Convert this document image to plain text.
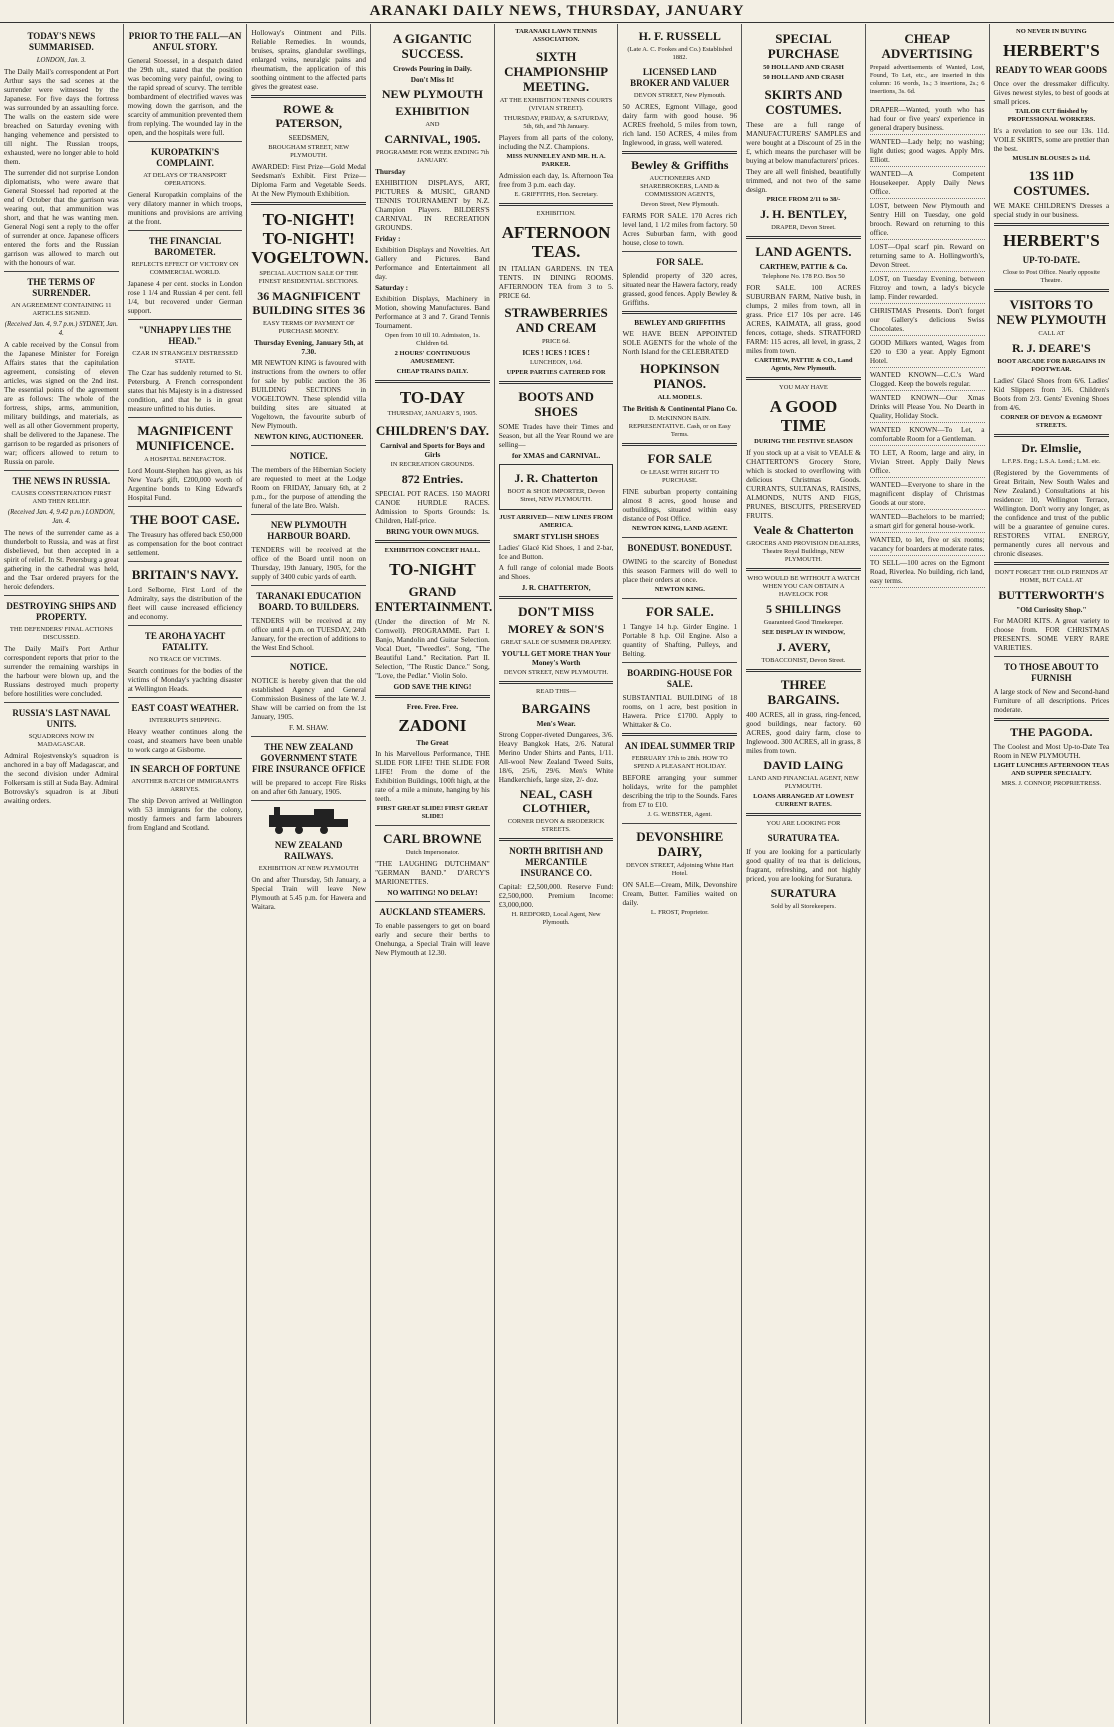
ARANAKI DAILY NEWS, THURSDAY, JANUARY
TODAY'S NEWS SUMMARISED.
LONDON, Jan. 3.
The Daily Mail's correspondent at Port Arthur says the sad scenes at the surrender were witnessed by the Japanese. For five days the fortress was surrounded by an assaulting force. The walls on the eastern side were breached on Saturday evening with hanging vehemence and persisted to till night. The Russian troops, exhausted, were no longer able to hold them.
The surrender did not surprise London diplomatists, who were aware that General Stoessel had reported at the end of October that the garrison was wearing out, that ammunition was short, and that he was wanting men. General Nogi sent a reply to the offer of surrender at once. Japanese officers entered the forts and the Russian garrison was allowed to march out with the honours of war.
THE TERMS OF SURRENDER.
AN AGREEMENT CONTAINING 11 ARTICLES SIGNED.
(Received Jan. 4, 9.7 p.m.) SYDNEY, Jan. 4.
A cable received by the Consul from the Japanese Minister for Foreign Affairs states that the capitulation agreement, consisting of eleven articles, was signed on the 2nd inst. The essential points of the agreement are as follows: The whole of the fortress, ships, arms, ammunition, military buildings, and materials, as well as all other Government property, shall be delivered to the Japanese. The garrison to be regarded as prisoners of war; officers allowed to return to Russia on parole.
THE NEWS IN RUSSIA.
CAUSES CONSTERNATION FIRST AND THEN RELIEF.
(Received Jan. 4, 9.42 p.m.) LONDON, Jan. 4.
The news of the surrender came as a thunderbolt to Russia, and was at first disbelieved, but then accepted in a spirit of relief. In St. Petersburg a great gathering in the cathedral was held, and the Tsar ordered prayers for the heroic defenders.
DESTROYING SHIPS AND PROPERTY.
THE DEFENDERS' FINAL ACTIONS DISCUSSED.
The Daily Mail's Port Arthur correspondent reports that prior to the surrender the remaining warships in the harbour were blown up, and the Russians destroyed much property before hostilities were concluded.
RUSSIA'S LAST NAVAL UNITS.
SQUADRONS NOW IN MADAGASCAR.
Admiral Rojestvensky's squadron is anchored in a bay off Madagascar, and the second division under Admiral Folkersam is still at Suda Bay. Admiral Botrovsky's squadron is at Jibuti awaiting orders.
PRIOR TO THE FALL—AN ANFUL STORY.
General Stoessel, in a despatch dated the 29th ult., stated that the position was becoming very painful, owing to the rapid spread of scurvy. The terrible bombardment of electrified waves was mowing down the garrison, and the scarcity of ammunition prevented them from replying. The wounded lay in the open, and the hospitals were full.
KUROPATKIN'S COMPLAINT.
AT DELAYS OF TRANSPORT OPERATIONS.
General Kuropatkin complains of the very dilatory manner in which troops, munitions and provisions are arriving at the front.
THE FINANCIAL BAROMETER.
REFLECTS EFFECT OF VICTORY ON COMMERCIAL WORLD.
Japanese 4 per cent. stocks in London rose 1 1/4 and Russian 4 per cent. fell 1/4, but recovered under German support.
"UNHAPPY LIES THE HEAD."
CZAR IN STRANGELY DISTRESSED STATE.
The Czar has suddenly returned to St. Petersburg. A French correspondent states that his Majesty is in a distressed condition, and that he is in great measure unfitted to his duties.
MAGNIFICENT MUNIFICENCE.
A HOSPITAL BENEFACTOR.
Lord Mount-Stephen has given, as his New Year's gift, £200,000 worth of Argentine bonds to King Edward's Hospital Fund.
THE BOOT CASE.
The Treasury has offered back £50,000 as compensation for the boot contract settlement.
BRITAIN'S NAVY.
Lord Selborne, First Lord of the Admiralty, says the distribution of the fleet will cause increased efficiency and economy.
TE AROHA YACHT FATALITY.
NO TRACE OF VICTIMS.
Search continues for the bodies of the victims of Monday's yachting disaster at Wellington Heads.
EAST COAST WEATHER.
INTERRUPTS SHIPPING.
Heavy weather continues along the coast, and steamers have been unable to work cargo at Gisborne.
IN SEARCH OF FORTUNE
ANOTHER BATCH OF IMMIGRANTS ARRIVES.
The ship Devon arrived at Wellington with 53 immigrants for the colony, mostly farmers and farm labourers from England and Scotland.
Holloway's Ointment and Pills. Reliable Remedies. In wounds, bruises, sprains, glandular swellings, enlarged veins, neuralgic pains and rheumatism, the application of this soothing ointment to the affected parts gives the greatest ease.
ROWE & PATERSON,
SEEDSMEN,
BROUGHAM STREET, NEW PLYMOUTH.
AWARDED: First Prize—Gold Medal Seedsman's Exhibit. First Prize—Diploma Farm and Vegetable Seeds. At the New Plymouth Exhibition.
TO-NIGHT! TO-NIGHT! VOGELTOWN.
SPECIAL AUCTION SALE OF THE FINEST RESIDENTIAL SECTIONS.
36 MAGNIFICENT BUILDING SITES 36
EASY TERMS OF PAYMENT OF PURCHASE MONEY.
Thursday Evening, January 5th, at 7.30.
MR NEWTON KING is favoured with instructions from the owners to offer for sale by public auction the 36 BUILDING SECTIONS in VOGELTOWN. These splendid villa building sites are situated at Vogeltown, the favourite suburb of New Plymouth.
NEWTON KING, AUCTIONEER.
NOTICE.
The members of the Hibernian Society are requested to meet at the Lodge Room on FRIDAY, January 6th, at 2 p.m., for the purpose of attending the funeral of the late Bro. Walsh.
NEW PLYMOUTH HARBOUR BOARD.
TENDERS will be received at the office of the Board until noon on Thursday, 19th January, 1905, for the supply of 3400 cubic yards of earth.
TARANAKI EDUCATION BOARD. TO BUILDERS.
TENDERS will be received at my office until 4 p.m. on TUESDAY, 24th January, for the erection of additions to the West End School.
NOTICE.
NOTICE is hereby given that the old established Agency and General Commission Business of the late W. J. Shaw will be carried on from the 1st January, 1905.
F. M. SHAW.
THE NEW ZEALAND GOVERNMENT STATE FIRE INSURANCE OFFICE
will be prepared to accept Fire Risks on and after 6th January, 1905.
NEW ZEALAND RAILWAYS.
EXHIBITION AT NEW PLYMOUTH
On and after Thursday, 5th January, a Special Train will leave New Plymouth at 5.45 p.m. for Hawera and Waitara.
A GIGANTIC SUCCESS.
Crowds Pouring in Daily.
Don't Miss It!
NEW PLYMOUTH
EXHIBITION
AND
CARNIVAL, 1905.
PROGRAMME FOR WEEK ENDING 7th JANUARY.
Thursday
EXHIBITION DISPLAYS, ART, PICTURES & MUSIC, GRAND TENNIS TOURNAMENT by N.Z. Champion Players. BILDERS'S CARNIVAL IN RECREATION GROUNDS.
Friday :
Exhibition Displays and Novelties. Art Gallery and Pictures. Band Performance and Entertainment all day.
Saturday :
Exhibition Displays, Machinery in Motion, showing Manufactures. Band Performance at 3 and 7. Grand Tennis Tournament.
Open from 10 till 10. Admission, 1s. Children 6d.
2 HOURS' CONTINUOUS AMUSEMENT.
CHEAP TRAINS DAILY.
TO-DAY
THURSDAY, JANUARY 5, 1905.
CHILDREN'S DAY.
Carnival and Sports for Boys and Girls
IN RECREATION GROUNDS.
872 Entries.
SPECIAL POT RACES. 150 MAORI CANOE HURDLE RACES. Admission to Sports Grounds: 1s. Children, Half-price.
BRING YOUR OWN MUGS.
EXHIBITION CONCERT HALL.
TO-NIGHT
GRAND ENTERTAINMENT.
(Under the direction of Mr N. Cornwell). PROGRAMME. Part I. Banjo, Mandolin and Guitar Selection. Vocal Duet, "Tweedles". Song, "The Beautiful Land." Recitation. Part II. Selection, "The Rustic Dance." Song, "Love, the Pedlar." Violin Solo.
GOD SAVE THE KING!
Free. Free. Free.
ZADONI
The Great
In his Marvellous Performance, THE SLIDE FOR LIFE! THE SLIDE FOR LIFE! From the dome of the Exhibition Buildings, 100ft high, at the rate of a mile a minute, hanging by his teeth.
FIRST GREAT SLIDE! FIRST GREAT SLIDE!
CARL BROWNE
Dutch Impersonator.
"THE LAUGHING DUTCHMAN" "GERMAN BAND." D'ARCY'S MARIONETTES.
NO WAITING! NO DELAY!
AUCKLAND STEAMERS.
To enable passengers to get on board early and secure their berths to Onehunga, a Special Train will leave New Plymouth at 12.30.
TARANAKI LAWN TENNIS ASSOCIATION.
SIXTH CHAMPIONSHIP MEETING.
AT THE EXHIBITION TENNIS COURTS (VIVIAN STREET).
THURSDAY, FRIDAY, & SATURDAY, 5th, 6th, and 7th January.
Players from all parts of the colony, including the N.Z. Champions.
MISS NUNNELEY AND MR. H. A. PARKER.
Admission each day, 1s. Afternoon Tea free from 3 p.m. each day.
E. GRIFFITHS, Hon. Secretary.
EXHIBITION.
AFTERNOON TEAS.
IN ITALIAN GARDENS. IN TEA TENTS. IN DINING ROOMS. AFTERNOON TEA from 3 to 5. PRICE 6d.
STRAWBERRIES AND CREAM
PRICE 6d.
ICES ! ICES ! ICES !
LUNCHEON, 1/6d.
UPPER PARTIES CATERED FOR
BOOTS AND SHOES
SOME Trades have their Times and Season, but all the Year Round we are selling—
for XMAS and CARNIVAL.
J. R. Chatterton
BOOT & SHOE IMPORTER, Devon Street, NEW PLYMOUTH.
JUST ARRIVED— NEW LINES FROM AMERICA.
SMART STYLISH SHOES
Ladies' Glacé Kid Shoes, 1 and 2-bar, Ice and Button.
A full range of colonial made Boots and Shoes.
J. R. CHATTERTON,
DON'T MISS
MOREY & SON'S
GREAT SALE OF SUMMER DRAPERY.
YOU'LL GET MORE THAN Your Money's Worth
DEVON STREET, NEW PLYMOUTH.
READ THIS—
BARGAINS
Men's Wear.
Strong Copper-riveted Dungarees, 3/6. Heavy Bangkok Hats, 2/6. Natural Merino Under Shirts and Pants, 1/11. All-wool New Zealand Tweed Suits, 18/6, 25/6, 29/6. Men's White Handkerchiefs, large size, 2/- doz.
NEAL, CASH CLOTHIER,
CORNER DEVON & BRODERICK STREETS.
NORTH BRITISH AND MERCANTILE INSURANCE CO.
Capital: £2,500,000. Reserve Fund: £2,500,000. Premium Income: £3,000,000.
H. REDFORD, Local Agent, New Plymouth.
H. F. RUSSELL
(Late A. C. Fookes and Co.) Established 1882.
LICENSED LAND BROKER AND VALUER
DEVON STREET, New Plymouth.
50 ACRES, Egmont Village, good dairy farm with good house. 96 ACRES freehold, 5 miles from town, rich land. 150 ACRES, 4 miles from Inglewood, in grass, well watered.
Bewley & Griffiths
AUCTIONEERS AND SHAREBROKERS, LAND & COMMISSION AGENTS,
Devon Street, New Plymouth.
FARMS FOR SALE. 170 Acres rich level land, 1 1/2 miles from factory. 50 Acres Suburban farm, with good house, close to town.
FOR SALE.
Splendid property of 320 acres, situated near the Hawera factory, ready grassed, good fences. Apply Bewley & Griffiths.
BEWLEY AND GRIFFITHS
WE HAVE BEEN APPOINTED SOLE AGENTS for the whole of the North Island for the CELEBRATED
HOPKINSON PIANOS.
ALL MODELS.
The British & Continental Piano Co.
D. McKINNON BAIN. REPRESENTATIVE. Cash, or on Easy Terms.
FOR SALE
Or LEASE WITH RIGHT TO PURCHASE.
FINE suburban property containing almost 8 acres, good house and outbuildings, situated within easy distance of Post Office.
NEWTON KING, LAND AGENT.
BONEDUST. BONEDUST.
OWING to the scarcity of Bonedust this season Farmers will do well to place their orders at once.
NEWTON KING.
FOR SALE.
1 Tangye 14 h.p. Girder Engine. 1 Portable 8 h.p. Oil Engine. Also a quantity of Shafting, Pulleys, and Belting.
BOARDING-HOUSE FOR SALE.
SUBSTANTIAL BUILDING of 18 rooms, on 1 acre, best position in Hawera. Price £1700. Apply to Whittaker & Co.
AN IDEAL SUMMER TRIP
FEBRUARY 17th to 28th. HOW TO SPEND A PLEASANT HOLIDAY.
BEFORE arranging your summer holidays, write for the pamphlet describing the trip to the Sounds. Fares from £7 to £10.
J. G. WEBSTER, Agent.
DEVONSHIRE DAIRY,
DEVON STREET, Adjoining White Hart Hotel.
ON SALE—Cream, Milk, Devonshire Cream, Butter. Families waited on daily.
L. FROST, Proprietor.
SPECIAL PURCHASE
50 HOLLAND AND CRASH
50 HOLLAND AND CRASH
SKIRTS AND COSTUMES.
These are a full range of MANUFACTURERS' SAMPLES and were bought at a Discount of 25 in the £, which means the purchaser will be buying at below manufacturers' prices.
They are all well finished, beautifully trimmed, and not two of the same design.
PRICE FROM 2/11 to 38/-
J. H. BENTLEY,
DRAPER, Devon Street.
LAND AGENTS.
CARTHEW, PATTIE & Co.
Telephone No. 178 P.O. Box 50
FOR SALE. 100 ACRES SUBURBAN FARM, Native bush, in clumps, 2 miles from town, all in grass. Price £17 10s per acre. 146 ACRES, KAIMATA, all grass, good fences, cottage, sheds. STRATFORD FARM: 115 acres, all level, in grass, 2 miles from town.
CARTHEW, PATTIE & CO., Land Agents, New Plymouth.
YOU MAY HAVE
A GOOD TIME
DURING THE FESTIVE SEASON
If you stock up at a visit to VEALE & CHATTERTON'S Grocery Store, which is stocked to overflowing with delicious Christmas Goods. CURRANTS, SULTANAS, RAISINS, ALMONDS, NUTS AND FIGS, PRUNES, BISCUITS, PRESERVED FRUITS.
Veale & Chatterton
GROCERS AND PROVISION DEALERS, Theatre Royal Buildings, NEW PLYMOUTH.
WHO WOULD BE WITHOUT A WATCH WHEN YOU CAN OBTAIN A HAVELOCK FOR
5 SHILLINGS
Guaranteed Good Timekeeper.
SEE DISPLAY IN WINDOW,
J. AVERY,
TOBACCONIST, Devon Street.
THREE BARGAINS.
400 ACRES, all in grass, ring-fenced, good buildings, near factory. 60 ACRES, good dairy farm, close to Inglewood. 300 ACRES, all in grass, 8 miles from town.
DAVID LAING
LAND AND FINANCIAL AGENT, NEW PLYMOUTH.
LOANS ARRANGED AT LOWEST CURRENT RATES.
YOU ARE LOOKING FOR
SURATURA TEA.
If you are looking for a particularly good quality of tea that is delicious, fragrant, refreshing, and not highly priced, you are looking for Suratura.
SURATURA
Sold by all Storekeepers.
CHEAP ADVERTISING
Prepaid advertisements of Wanted, Lost, Found, To Let, etc., are inserted in this column: 16 words, 1s.; 3 insertions, 2s.; 6 insertions, 3s. 6d.
DRAPER—Wanted, youth who has had four or five years' experience in general drapery business.
WANTED—Lady help; no washing; light duties; good wages. Apply Mrs. Elliott.
WANTED—A Competent Housekeeper. Apply Daily News Office.
LOST, between New Plymouth and Sentry Hill on Tuesday, one gold brooch. Reward on returning to this office.
LOST—Opal scarf pin. Reward on returning same to A. Hollingworth's, Devon Street.
LOST, on Tuesday Evening, between Fitzroy and town, a lady's bicycle lamp. Finder rewarded.
CHRISTMAS Presents. Don't forget our Gallery's delicious Swiss Chocolates.
GOOD Milkers wanted, Wages from £20 to £30 a year. Apply Egmont Hotel.
WANTED KNOWN—C.C.'s Ward Clogged. Keep the bowels regular.
WANTED KNOWN—Our Xmas Drinks will Please You. No Dearth in Quality, Holiday Stock.
WANTED KNOWN—To Let, a comfortable Room for a Gentleman.
TO LET, A Room, large and airy, in Vivian Street. Apply Daily News Office.
WANTED—Everyone to share in the magnificent display of Christmas Goods at our store.
WANTED—Bachelors to be married; a smart girl for general house-work.
WANTED, to let, five or six rooms; vacancy for boarders at moderate rates.
TO SELL—100 acres on the Egmont Road, Riverlea. No building, rich land, easy terms.
NO NEVER IN BUYING
HERBERT'S
READY TO WEAR GOODS
Once over the dressmaker difficulty. Gives newest styles, to best of goods at small prices.
TAILOR CUT finished by PROFESSIONAL WORKERS.
It's a revelation to see our 13s. 11d. VOILE SKIRTS, some are prettier than the best.
MUSLIN BLOUSES 2s 11d.
13S 11D COSTUMES.
WE MAKE CHILDREN'S Dresses a special study in our business.
HERBERT'S
UP-TO-DATE.
Close to Post Office. Nearly opposite Theatre.
VISITORS TO NEW PLYMOUTH
CALL AT
R. J. DEARE'S
BOOT ARCADE FOR BARGAINS IN FOOTWEAR.
Ladies' Glacé Shoes from 6/6. Ladies' Kid Slippers from 3/6. Children's Boots from 2/3. Gents' Evening Shoes from 4/6.
CORNER OF DEVON & EGMONT STREETS.
Dr. Elmslie,
L.F.P.S. Eng.; L.S.A. Lond.; L.M. etc.
(Registered by the Governments of Great Britain, New South Wales and New Zealand.) Consultations at his residence: 10, Wellington Terrace, Wellington. Don't worry any longer, as the confidence and trust of the public will be a guarantee of genuine cures. RESTORES VITAL ENERGY, permanently cures all nervous and chronic diseases.
DON'T FORGET THE OLD FRIENDS AT HOME, BUT CALL AT
BUTTERWORTH'S
"Old Curiosity Shop."
For MAORI KITS. A great variety to choose from. FOR CHRISTMAS PRESENTS. SOME VERY RARE VARIETIES.
TO THOSE ABOUT TO FURNISH
A large stock of New and Second-hand Furniture of all descriptions. Prices moderate.
THE PAGODA.
The Coolest and Most Up-to-Date Tea Room in NEW PLYMOUTH.
LIGHT LUNCHES AFTERNOON TEAS AND SUPPER SPECIALTY.
MRS. J. CONNOP, PROPRIETRESS.
